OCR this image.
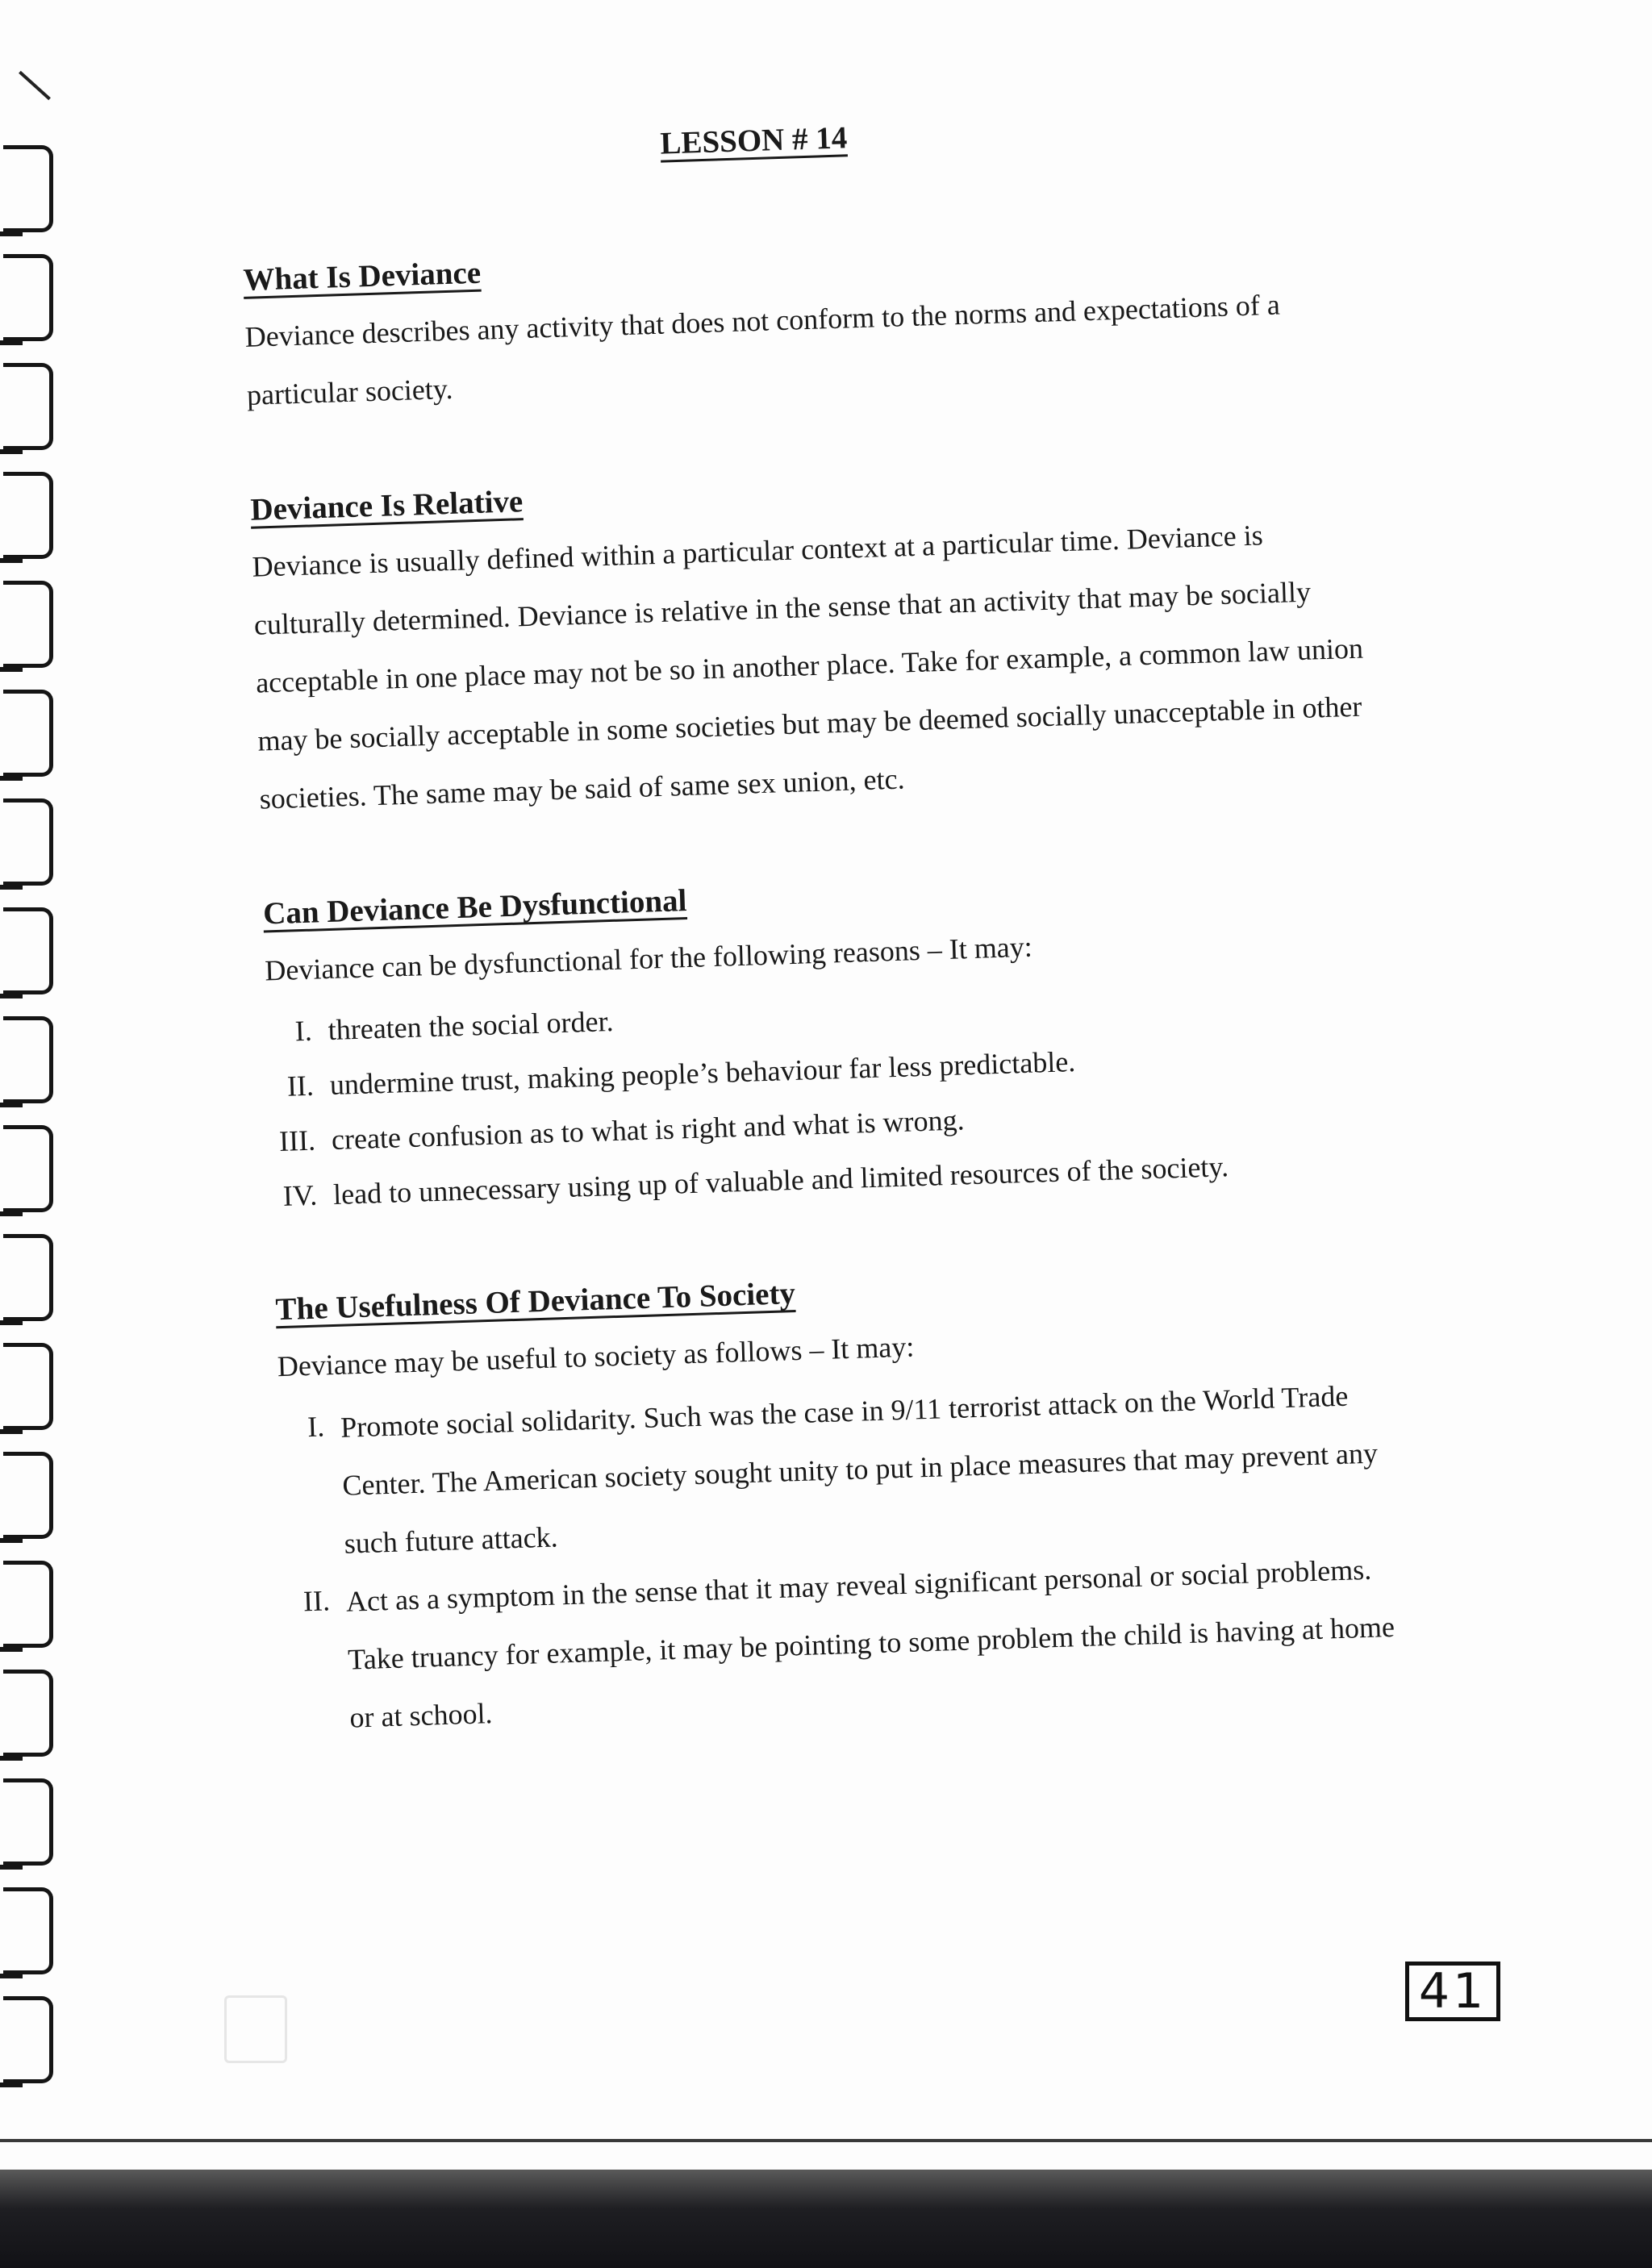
LESSON # 14
What Is Deviance

Deviance describes any activity that does not conform to the norms and expectations of a particular society.

Deviance Is Relative

Deviance is usually defined within a particular context at a particular time. Deviance is culturally determined. Deviance is relative in the sense that an activity that may be socially acceptable in one place may not be so in another place. Take for example, a common law union may be socially acceptable in some societies but may be deemed socially unacceptable in other societies. The same may be said of same sex union, etc.

Can Deviance Be Dysfunctional

Deviance can be dysfunctional for the following reasons – It may:

I. threaten the social order.
II. undermine trust, making people’s behaviour far less predictable.
III. create confusion as to what is right and what is wrong.
IV. lead to unnecessary using up of valuable and limited resources of the society.
The Usefulness Of Deviance To Society

Deviance may be useful to society as follows – It may:

I. Promote social solidarity. Such was the case in 9/11 terrorist attack on the World Trade Center. The American society sought unity to put in place measures that may prevent any such future attack.
II. Act as a symptom in the sense that it may reveal significant personal or social problems. Take truancy for example, it may be pointing to some problem the child is having at home or at school.
41
